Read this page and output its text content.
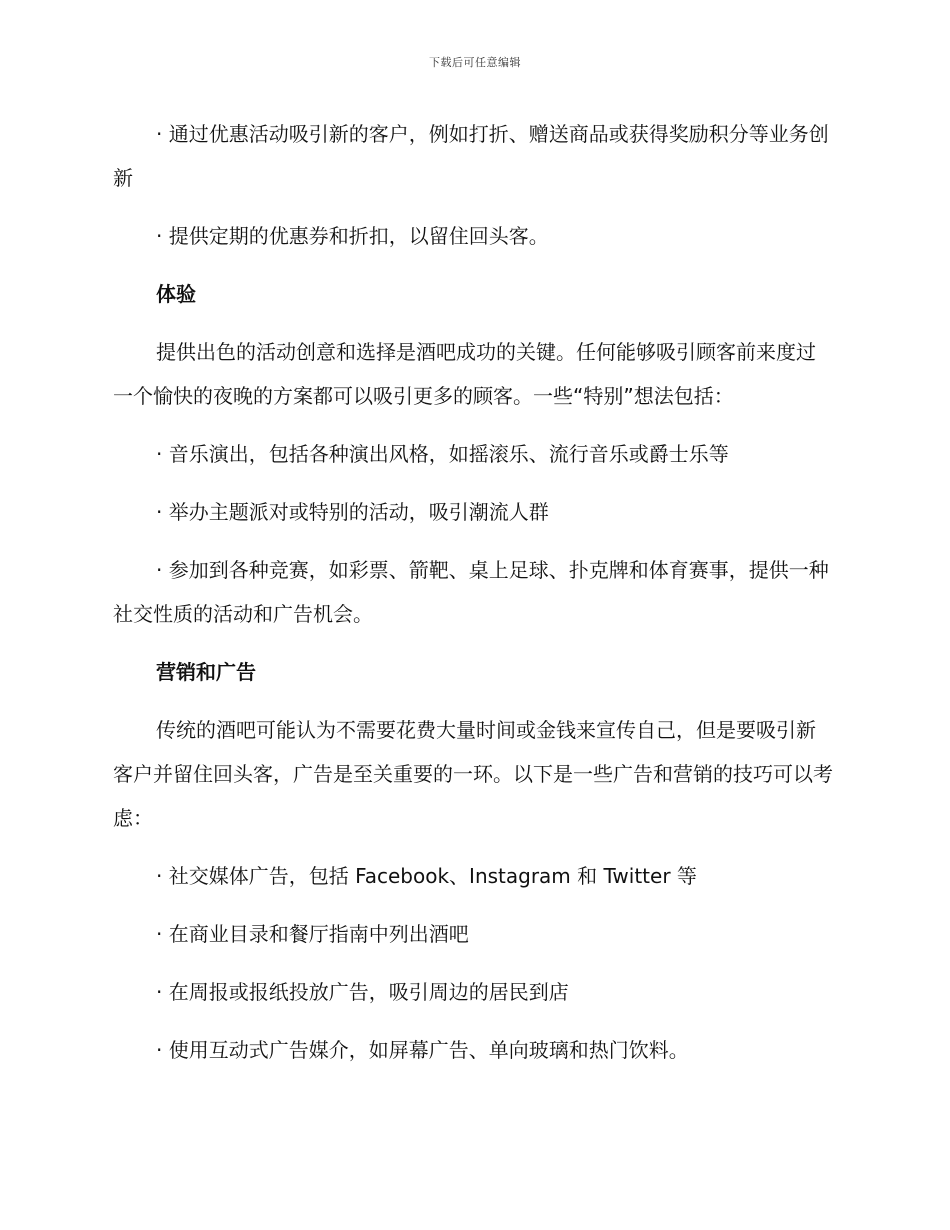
下载后可任意编辑

· 通过优惠活动吸引新的客户，例如打折、赠送商品或获得奖励积分等业务创新

· 提供定期的优惠券和折扣，以留住回头客。

体验

提供出色的活动创意和选择是酒吧成功的关键。任何能够吸引顾客前来度过一个愉快的夜晚的方案都可以吸引更多的顾客。一些“特别”想法包括：

· 音乐演出，包括各种演出风格，如摇滚乐、流行音乐或爵士乐等

· 举办主题派对或特别的活动，吸引潮流人群

· 参加到各种竞赛，如彩票、箭靶、桌上足球、扑克牌和体育赛事，提供一种社交性质的活动和广告机会。

营销和广告

传统的酒吧可能认为不需要花费大量时间或金钱来宣传自己，但是要吸引新客户并留住回头客，广告是至关重要的一环。以下是一些广告和营销的技巧可以考虑：

· 社交媒体广告，包括 Facebook、Instagram 和 Twitter 等

· 在商业目录和餐厅指南中列出酒吧

· 在周报或报纸投放广告，吸引周边的居民到店

· 使用互动式广告媒介，如屏幕广告、单向玻璃和热门饮料。
